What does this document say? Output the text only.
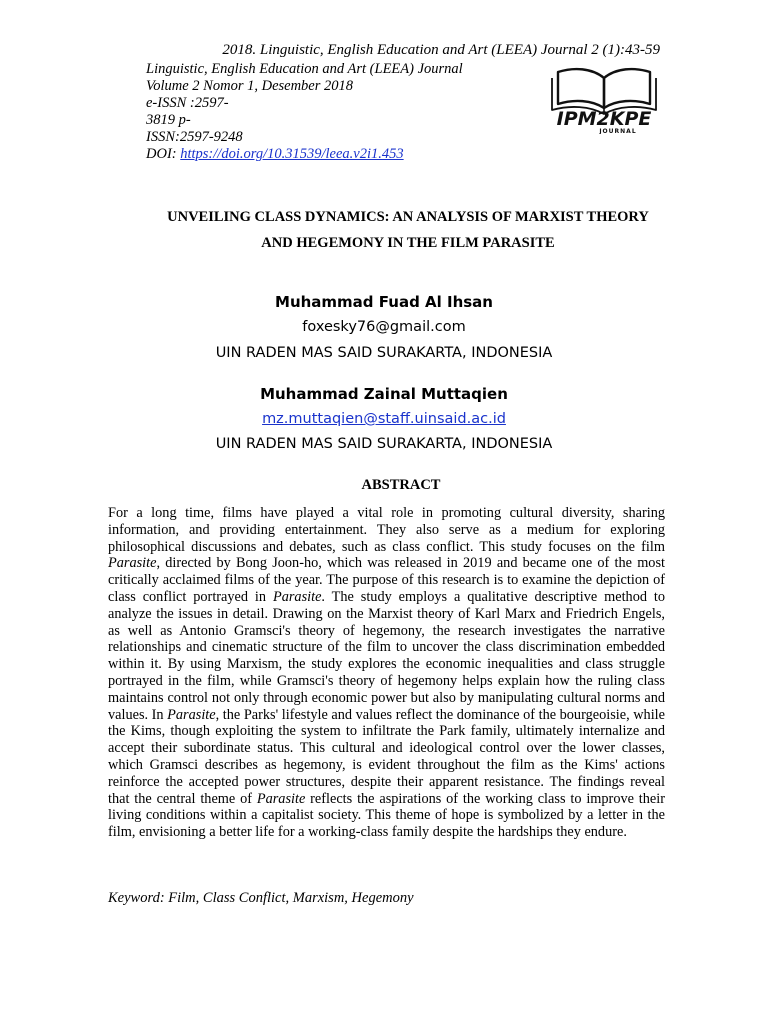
2018. Linguistic, English Education and Art (LEEA) Journal 2 (1):43-59
Linguistic, English Education and Art (LEEA) Journal
Volume 2 Nomor 1, Desember 2018
e-ISSN :2597-
3819 p-
ISSN:2597-9248
DOI: https://doi.org/10.31539/leea.v2i1.453
IPM2KPE
JOURNAL
UNVEILING CLASS DYNAMICS: AN ANALYSIS OF MARXIST THEORY
AND HEGEMONY IN THE FILM PARASITE
Muhammad Fuad Al Ihsan
foxesky76@gmail.com
UIN RADEN MAS SAID SURAKARTA, INDONESIA
Muhammad Zainal Muttaqien
mz.muttaqien@staff.uinsaid.ac.id
UIN RADEN MAS SAID SURAKARTA, INDONESIA
ABSTRACT
For a long time, films have played a vital role in promoting cultural diversity, sharing information, and providing entertainment. They also serve as a medium for exploring philosophical discussions and debates, such as class conflict. This study focuses on the film Parasite, directed by Bong Joon-ho, which was released in 2019 and became one of the most critically acclaimed films of the year. The purpose of this research is to examine the depiction of class conflict portrayed in Parasite. The study employs a qualitative descriptive method to analyze the issues in detail. Drawing on the Marxist theory of Karl Marx and Friedrich Engels, as well as Antonio Gramsci's theory of hegemony, the research investigates the narrative relationships and cinematic structure of the film to uncover the class discrimination embedded within it. By using Marxism, the study explores the economic inequalities and class struggle portrayed in the film, while Gramsci's theory of hegemony helps explain how the ruling class maintains control not only through economic power but also by manipulating cultural norms and values. In Parasite, the Parks' lifestyle and values reflect the dominance of the bourgeoisie, while the Kims, though exploiting the system to infiltrate the Park family, ultimately internalize and accept their subordinate status. This cultural and ideological control over the lower classes, which Gramsci describes as hegemony, is evident throughout the film as the Kims' actions reinforce the accepted power structures, despite their apparent resistance. The findings reveal that the central theme of Parasite reflects the aspirations of the working class to improve their living conditions within a capitalist society. This theme of hope is symbolized by a letter in the film, envisioning a better life for a working-class family despite the hardships they endure.
Keyword: Film, Class Conflict, Marxism, Hegemony
